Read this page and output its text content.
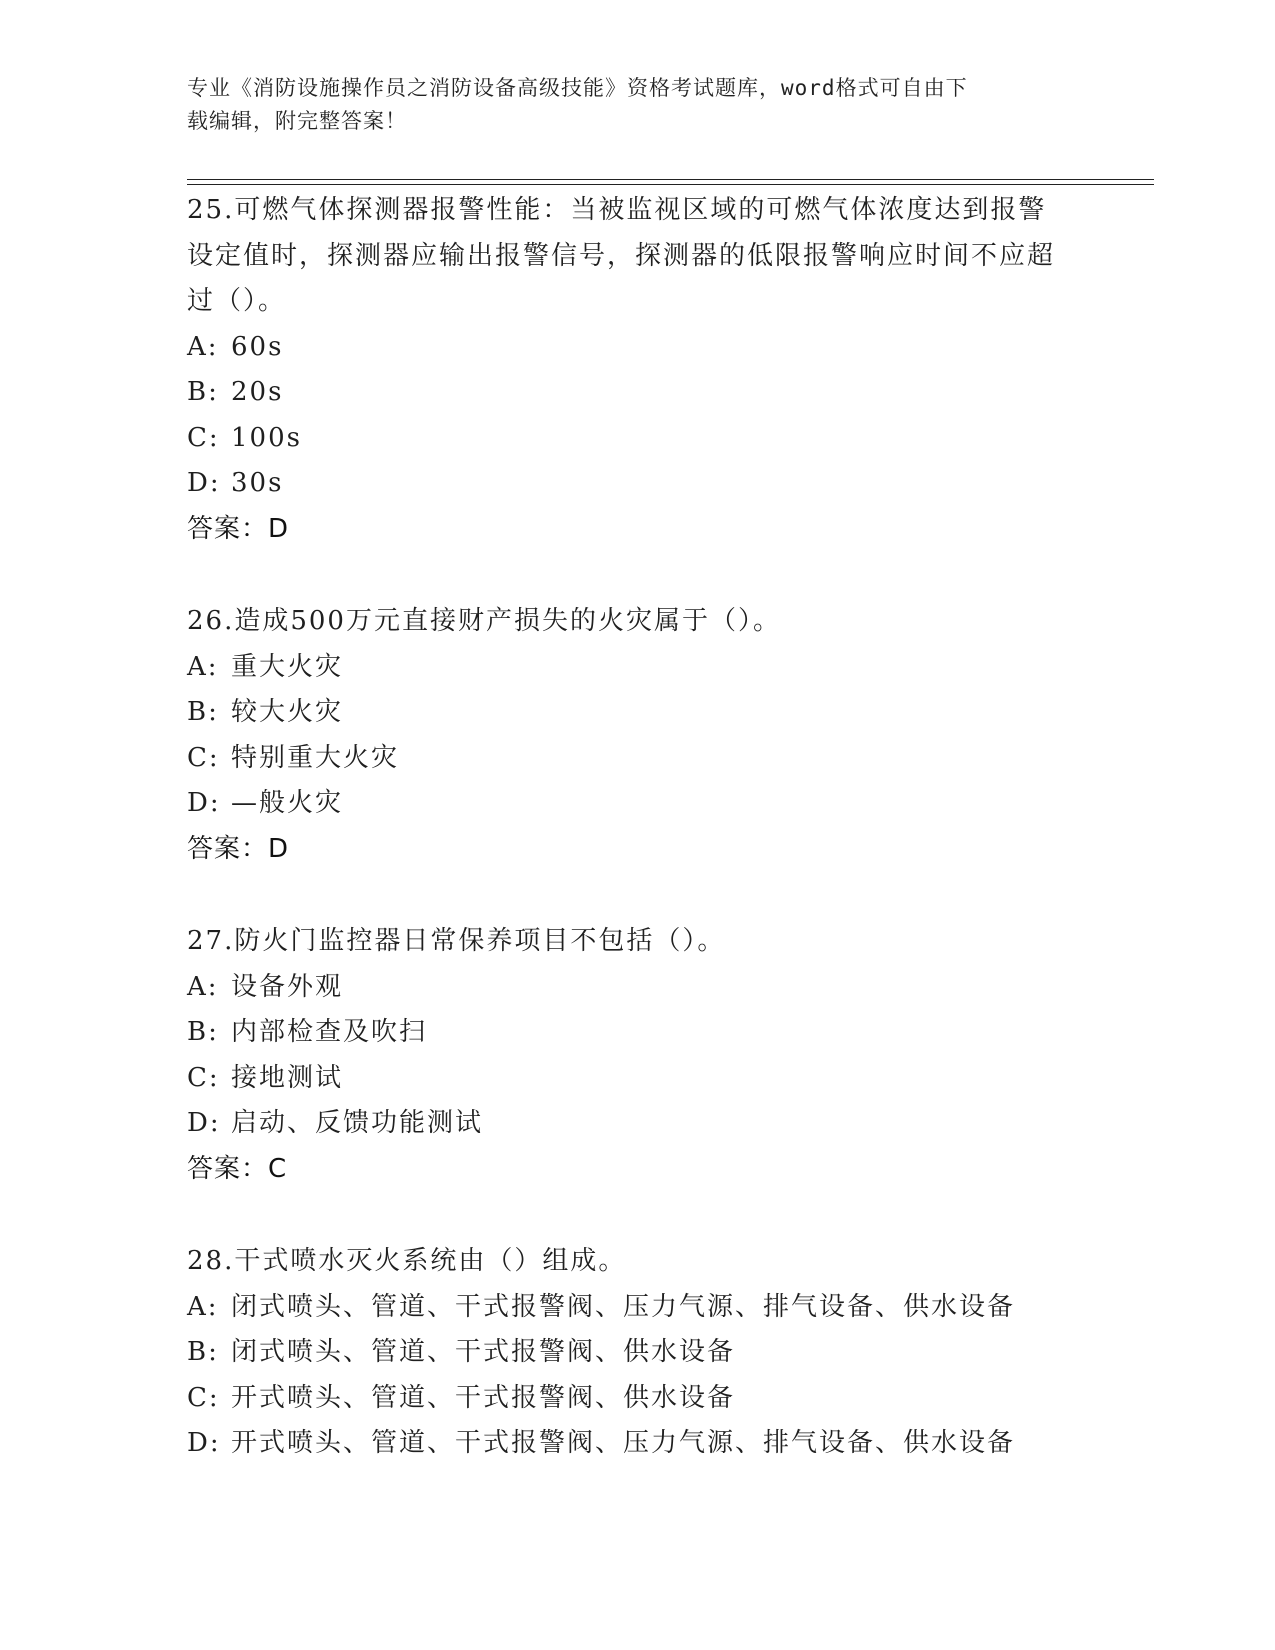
专业《消防设施操作员之消防设备高级技能》资格考试题库，word格式可自由下
载编辑，附完整答案！
25.可燃气体探测器报警性能：当被监视区域的可燃气体浓度达到报警设定值时，探测器应输出报警信号，探测器的低限报警响应时间不应超过（）。
A: 60s
B: 20s
C: 100s
D: 30s
答案：D
26.造成500万元直接财产损失的火灾属于（）。
A: 重大火灾
B: 较大火灾
C: 特别重大火灾
D: —般火灾
答案：D
27.防火门监控器日常保养项目不包括（）。
A: 设备外观
B: 内部检查及吹扫
C: 接地测试
D: 启动、反馈功能测试
答案：C
28.干式喷水灭火系统由（）组成。
A: 闭式喷头、管道、干式报警阀、压力气源、排气设备、供水设备
B: 闭式喷头、管道、干式报警阀、供水设备
C: 开式喷头、管道、干式报警阀、供水设备
D: 开式喷头、管道、干式报警阀、压力气源、排气设备、供水设备
